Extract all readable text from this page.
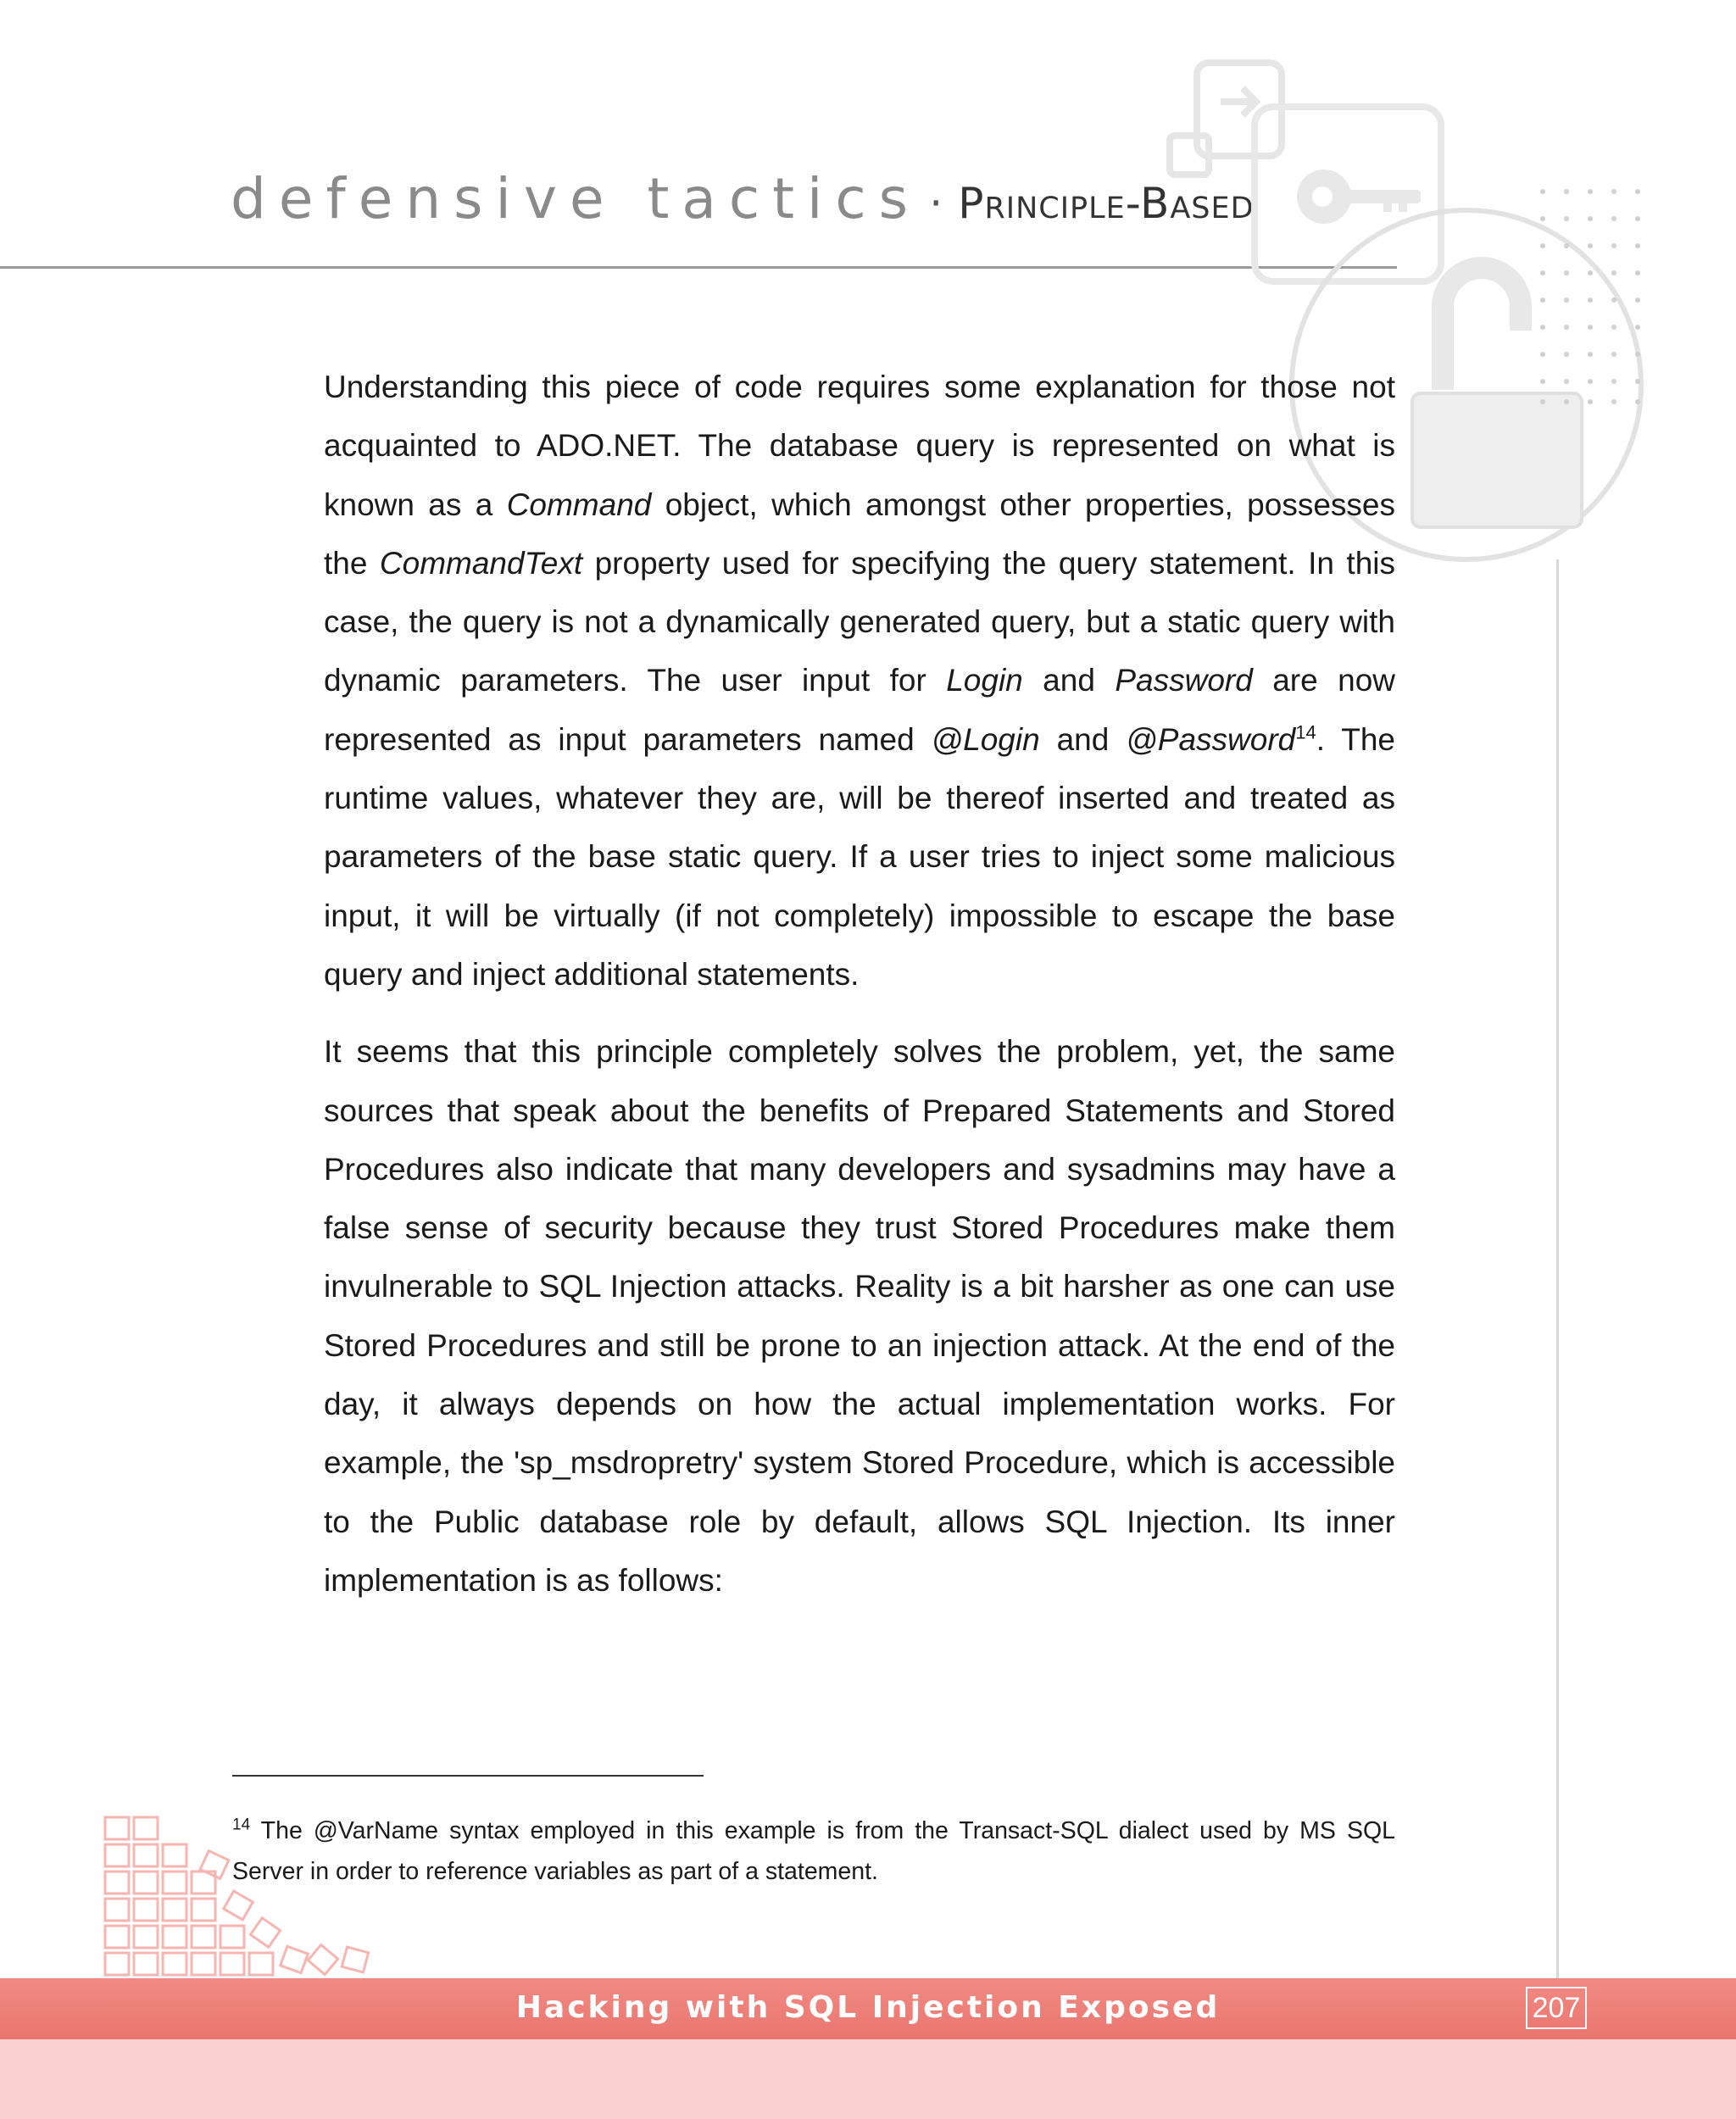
defensive tactics · Principle-Based

Understanding this piece of code requires some explanation for those not acquainted to ADO.NET. The database query is represented on what is known as a Command object, which amongst other properties, possesses the CommandText property used for specifying the query statement. In this case, the query is not a dynamically generated query, but a static query with dynamic parameters. The user input for Login and Password are now represented as input parameters named @Login and @Password$^{14}$. The runtime values, whatever they are, will be thereof inserted and treated as parameters of the base static query. If a user tries to inject some malicious input, it will be virtually (if not completely) impossible to escape the base query and inject additional statements.

It seems that this principle completely solves the problem, yet, the same sources that speak about the benefits of Prepared Statements and Stored Procedures also indicate that many developers and sysadmins may have a false sense of security because they trust Stored Procedures make them invulnerable to SQL Injection attacks. Reality is a bit harsher as one can use Stored Procedures and still be prone to an injection attack. At the end of the day, it always depends on how the actual implementation works. For example, the 'sp_msdropretry' system Stored Procedure, which is accessible to the Public database role by default, allows SQL Injection. Its inner implementation is as follows:

$^{14}$ The @VarName syntax employed in this example is from the Transact-SQL dialect used by MS SQL Server in order to reference variables as part of a statement.

Hacking with SQL Injection Exposed	207
